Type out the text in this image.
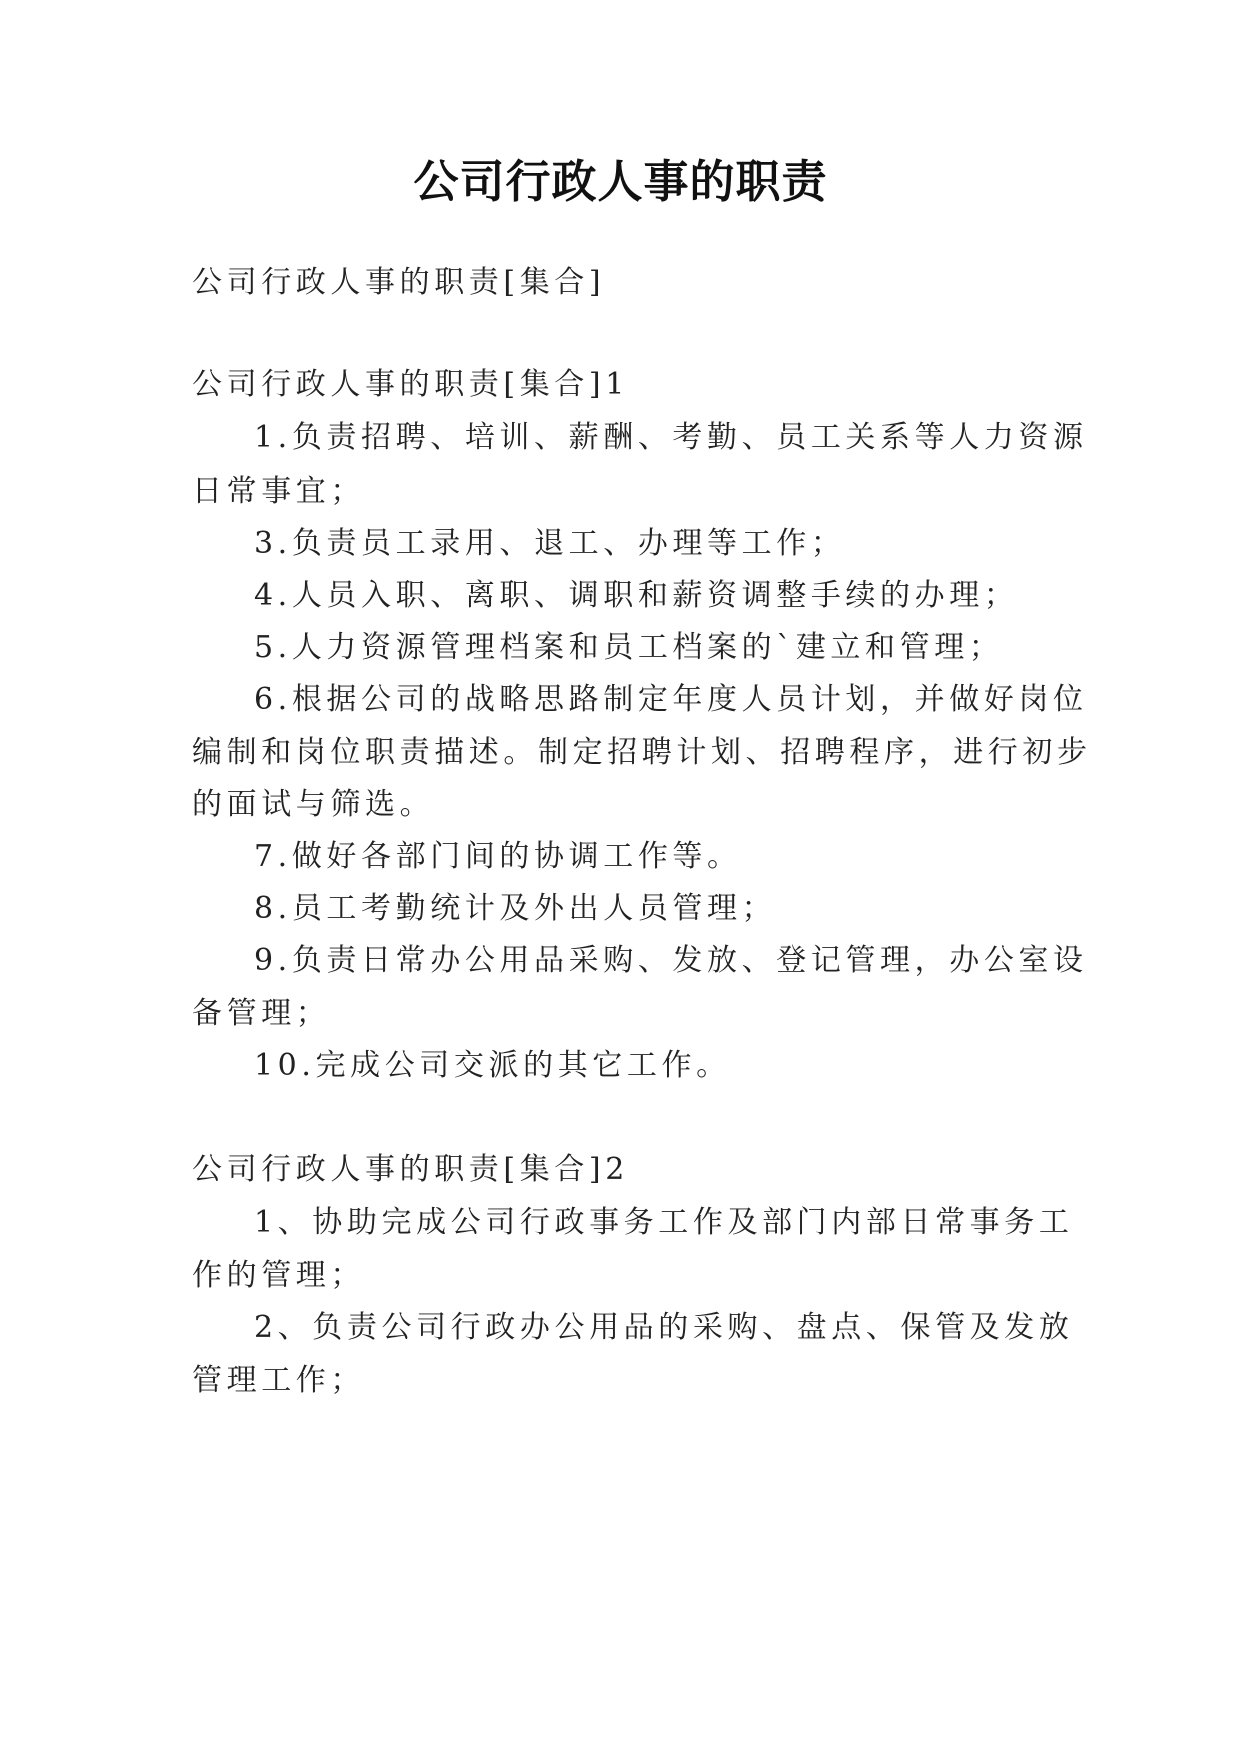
公司行政人事的职责
公司行政人事的职责[集合]
公司行政人事的职责[集合]1
1.负责招聘、培训、薪酬、考勤、员工关系等人力资源
日常事宜；
3.负责员工录用、退工、办理等工作；
4.人员入职、离职、调职和薪资调整手续的办理；
5.人力资源管理档案和员工档案的`建立和管理；
6.根据公司的战略思路制定年度人员计划，并做好岗位
编制和岗位职责描述。制定招聘计划、招聘程序，进行初步
的面试与筛选。
7.做好各部门间的协调工作等。
8.员工考勤统计及外出人员管理；
9.负责日常办公用品采购、发放、登记管理，办公室设
备管理；
10.完成公司交派的其它工作。
公司行政人事的职责[集合]2
1、协助完成公司行政事务工作及部门内部日常事务工
作的管理；
2、负责公司行政办公用品的采购、盘点、保管及发放
管理工作；
